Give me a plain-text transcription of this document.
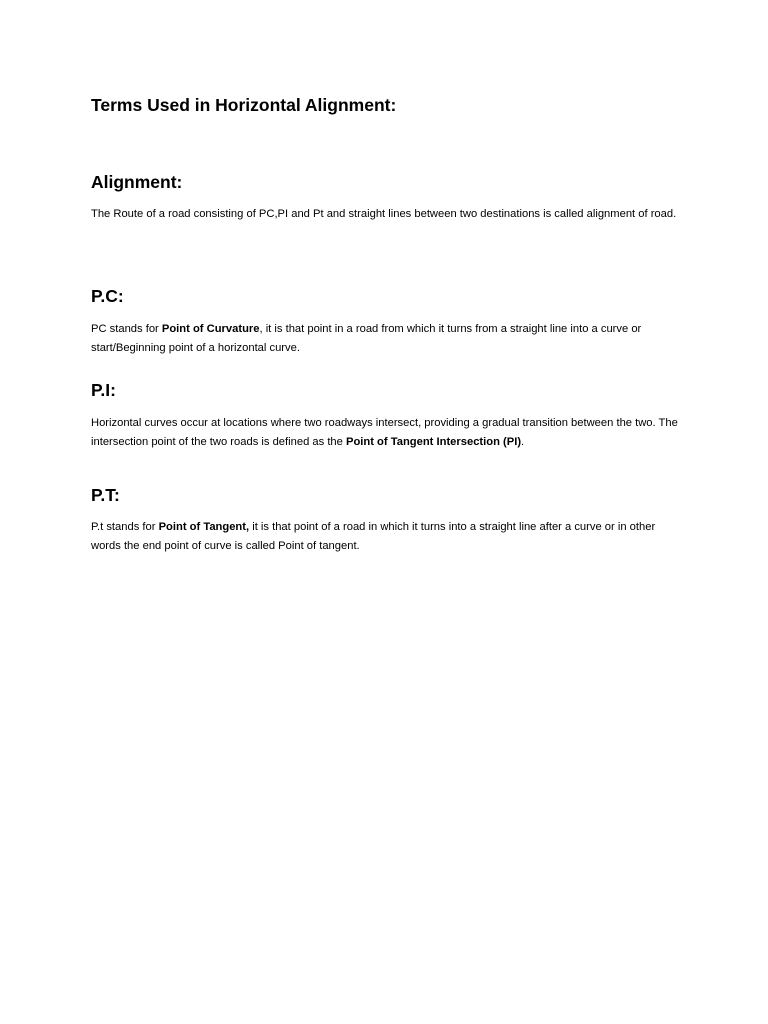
Terms Used in Horizontal Alignment:
Alignment:

The Route of a road consisting of PC,PI and Pt and straight lines between two destinations is called alignment of road.

P.C:

PC stands for Point of Curvature, it is that point in a road from which it turns from a straight line into a curve or start/Beginning point of a horizontal curve.

P.I:

Horizontal curves occur at locations where two roadways intersect, providing a gradual transition between the two. The intersection point of the two roads is defined as the Point of Tangent Intersection (PI).

P.T:

P.t stands for Point of Tangent, it is that point of a road in which it turns into a straight line after a curve or in other words the end point of curve is called Point of tangent.
